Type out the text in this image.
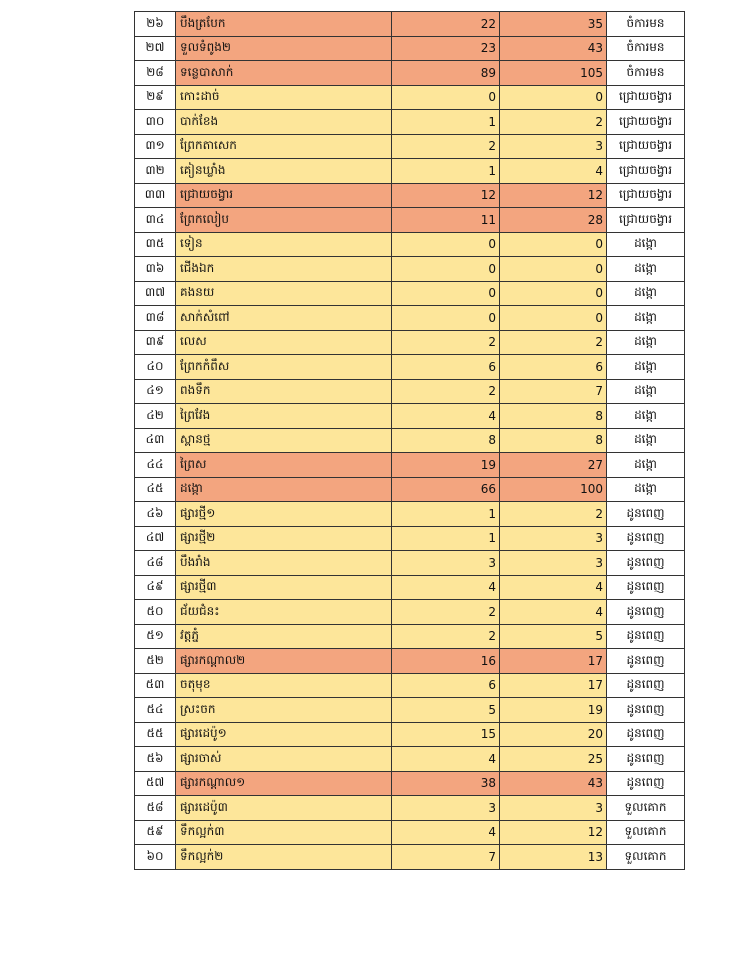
២៦	បឹងត្របែក	22	35	ចំការមន
២៧	ទួលទំពូង២	23	43	ចំការមន
២៨	ទន្លេបាសាក់	89	105	ចំការមន
២៩	កោះដាច់	0	0	ជ្រោយចង្វារ
៣០	បាក់ខែង	1	2	ជ្រោយចង្វារ
៣១	ព្រែកតាសេក	2	3	ជ្រោយចង្វារ
៣២	គៀនឃ្លាំង	1	4	ជ្រោយចង្វារ
៣៣	ជ្រោយចង្វារ	12	12	ជ្រោយចង្វារ
៣៤	ព្រែកលៀប	11	28	ជ្រោយចង្វារ
៣៥	ទៀន	0	0	ដង្កោ
៣៦	ជើងឯក	0	0	ដង្កោ
៣៧	គងនយ	0	0	ដង្កោ
៣៨	សាក់សំពៅ	0	0	ដង្កោ
៣៩	លេស	2	2	ដង្កោ
៤០	ព្រែកកំពឹស	6	6	ដង្កោ
៤១	ពងទឹក	2	7	ដង្កោ
៤២	ព្រៃវែង	4	8	ដង្កោ
៤៣	ស្ពានថ្ម	8	8	ដង្កោ
៤៤	ព្រៃស	19	27	ដង្កោ
៤៥	ដង្កោ	66	100	ដង្កោ
៤៦	ផ្សារថ្មី១	1	2	ដូនពេញ
៤៧	ផ្សារថ្មី២	1	3	ដូនពេញ
៤៨	បឹងរាំង	3	3	ដូនពេញ
៤៩	ផ្សារថ្មី៣	4	4	ដូនពេញ
៥០	ជ័យជំនះ	2	4	ដូនពេញ
៥១	វត្តភ្នំ	2	5	ដូនពេញ
៥២	ផ្សារកណ្តាល២	16	17	ដូនពេញ
៥៣	ចតុមុខ	6	17	ដូនពេញ
៥៤	ស្រះចក	5	19	ដូនពេញ
៥៥	ផ្សារដេប៉ូ១	15	20	ដូនពេញ
៥៦	ផ្សារចាស់	4	25	ដូនពេញ
៥៧	ផ្សារកណ្តាល១	38	43	ដូនពេញ
៥៨	ផ្សារដេប៉ូ៣	3	3	ទួលគោក
៥៩	ទឹកល្អក់៣	4	12	ទួលគោក
៦០	ទឹកល្អក់២	7	13	ទួលគោក
